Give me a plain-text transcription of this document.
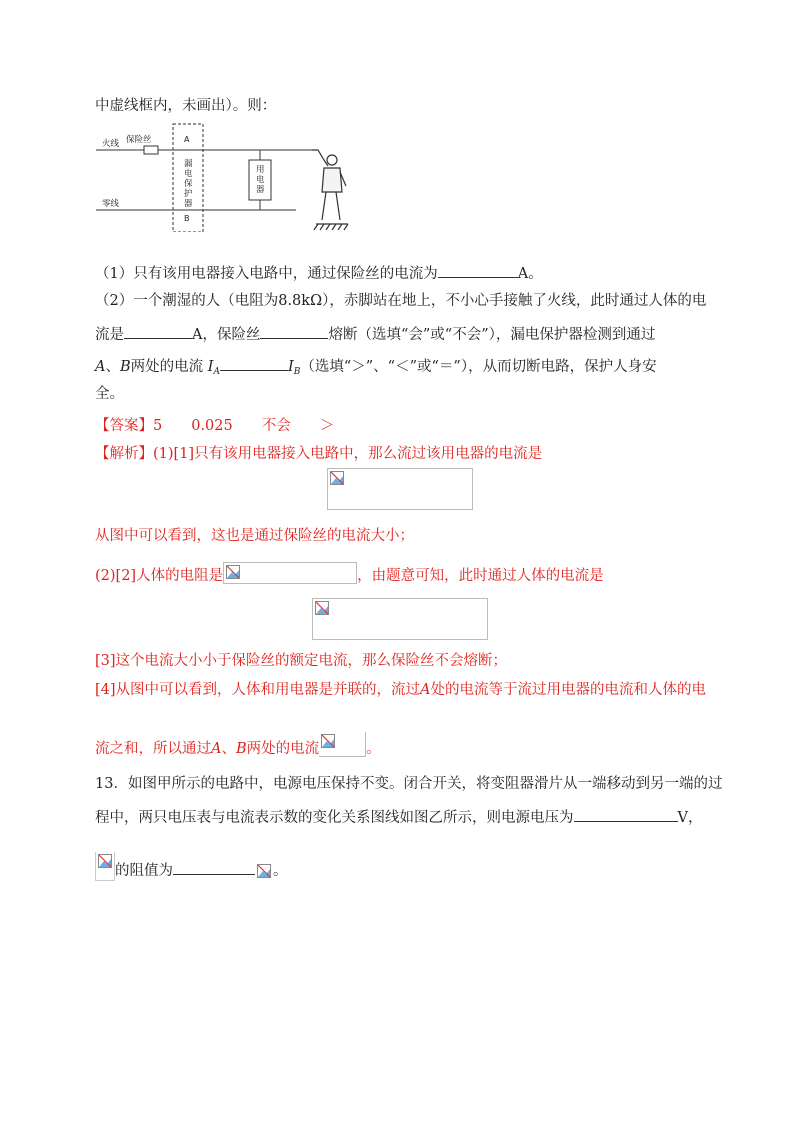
中虚线框内，未画出）。则：
火线 保险丝
零线
A
B
漏
电
保
护
器
用
电
器
（1）只有该用电器接入电路中，通过保险丝的电流为	A。
（2）一个潮湿的人（电阻为8.8kΩ），赤脚站在地上，不小心手接触了火线，此时通过人体的电
流是	A，保险丝	熔断（选填“会”或“不会”），漏电保护器检测到通过
A、B两处的电流 $I_A$	$I_B$（选填“＞”、“＜”或“＝”），从而切断电路，保护人身安
全。
【答案】5　　0.025　　不会　　＞
【解析】(1)[1]只有该用电器接入电路中，那么流过该用电器的电流是
从图中可以看到，这也是通过保险丝的电流大小；
(2)[2]人体的电阻是	，由题意可知，此时通过人体的电流是
[3]这个电流大小小于保险丝的额定电流，那么保险丝不会熔断；
[4]从图中可以看到，人体和用电器是并联的，流过A处的电流等于流过用电器的电流和人体的电
流之和，所以通过A、B两处的电流	。
13．如图甲所示的电路中，电源电压保持不变。闭合开关，将变阻器滑片从一端移动到另一端的过
程中，两只电压表与电流表示数的变化关系图线如图乙所示，则电源电压为	V，
的阻值为	。
